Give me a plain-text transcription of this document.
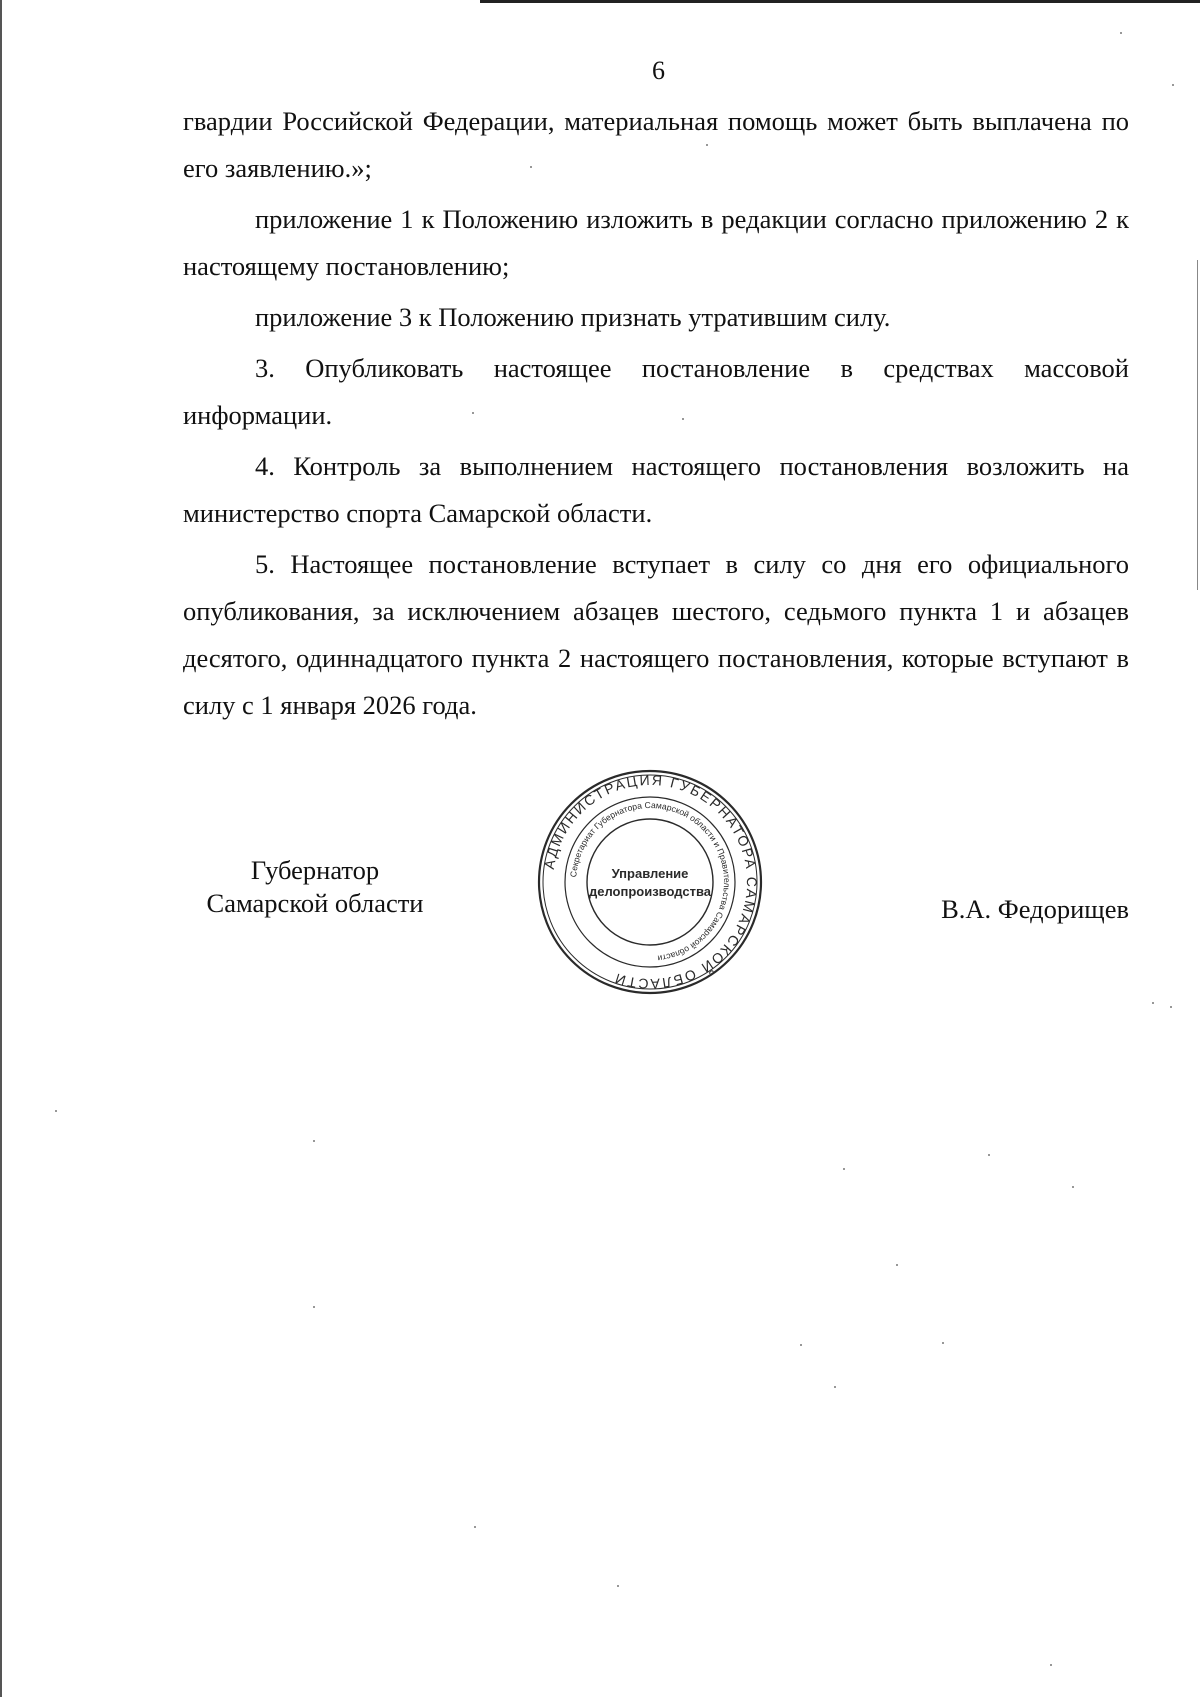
6

гвардии Российской Федерации, материальная помощь может быть выплачена по его заявлению.»;

приложение 1 к Положению изложить в редакции согласно приложению 2 к настоящему постановлению;

приложение 3 к Положению признать утратившим силу.

3. Опубликовать настоящее постановление в средствах массовой информации.

4. Контроль за выполнением настоящего постановления возложить на министерство спорта Самарской области.

5. Настоящее постановление вступает в силу со дня его официального опубликования, за исключением абзацев шестого, седьмого пункта 1 и абзацев десятого, одиннадцатого пункта 2 настоящего постановления, которые вступают в силу с 1 января 2026 года.

Губернатор
Самарской области
АДМИНИСТРАЦИЯ ГУБЕРНАТОРА САМАРСКОЙ ОБЛАСТИ
Секретариат Губернатора Самарской области и Правительства Самарской области
Управление
делопроизводства
В.А. Федорищев
